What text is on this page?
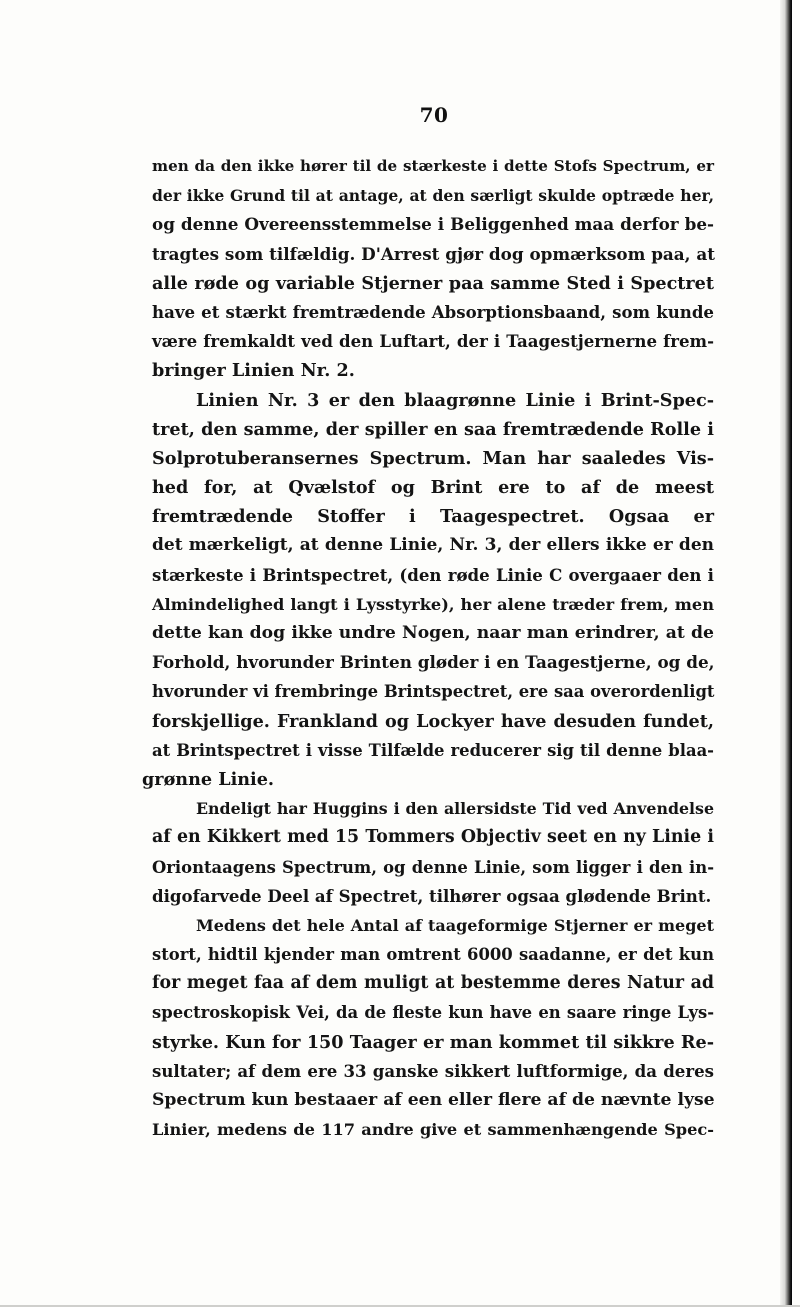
70
men da den ikke hører til de stærkeste i dette Stofs Spectrum, er
der ikke Grund til at antage, at den særligt skulde optræde her,
og denne Overeensstemmelse i Beliggenhed maa derfor be-
tragtes som tilfældig. D'Arrest gjør dog opmærksom paa, at
alle røde og variable Stjerner paa samme Sted i Spectret
have et stærkt fremtrædende Absorptionsbaand, som kunde
være fremkaldt ved den Luftart, der i Taagestjernerne frem-
bringer Linien Nr. 2.
Linien Nr. 3 er den blaagrønne Linie i Brint-Spec-
tret, den samme, der spiller en saa fremtrædende Rolle i
Solprotuberansernes Spectrum. Man har saaledes Vis-
hed for, at Qvælstof og Brint ere to af de meest
fremtrædende Stoffer i Taagespectret. Ogsaa er
det mærkeligt, at denne Linie, Nr. 3, der ellers ikke er den
stærkeste i Brintspectret, (den røde Linie C overgaaer den i
Almindelighed langt i Lysstyrke), her alene træder frem, men
dette kan dog ikke undre Nogen, naar man erindrer, at de
Forhold, hvorunder Brinten gløder i en Taagestjerne, og de,
hvorunder vi frembringe Brintspectret, ere saa overordenligt
forskjellige. Frankland og Lockyer have desuden fundet,
at Brintspectret i visse Tilfælde reducerer sig til denne blaa-
grønne Linie.
Endeligt har Huggins i den allersidste Tid ved Anvendelse
af en Kikkert med 15 Tommers Objectiv seet en ny Linie i
Oriontaagens Spectrum, og denne Linie, som ligger i den in-
digofarvede Deel af Spectret, tilhører ogsaa glødende Brint.
Medens det hele Antal af taageformige Stjerner er meget
stort, hidtil kjender man omtrent 6000 saadanne, er det kun
for meget faa af dem muligt at bestemme deres Natur ad
spectroskopisk Vei, da de fleste kun have en saare ringe Lys-
styrke. Kun for 150 Taager er man kommet til sikkre Re-
sultater; af dem ere 33 ganske sikkert luftformige, da deres
Spectrum kun bestaaer af een eller flere af de nævnte lyse
Linier, medens de 117 andre give et sammenhængende Spec-
